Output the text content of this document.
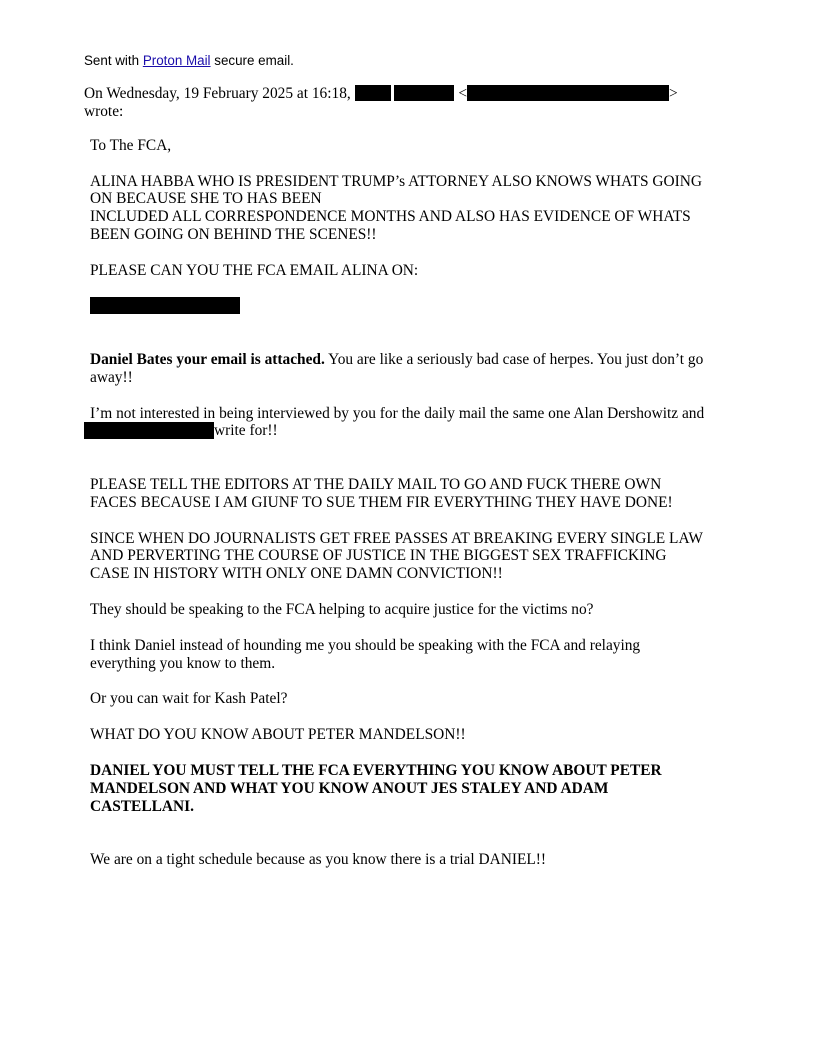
Sent with Proton Mail secure email.
On Wednesday, 19 February 2025 at 16:18,	<	>
wrote:
To The FCA,
ALINA HABBA WHO IS PRESIDENT TRUMP’s ATTORNEY ALSO KNOWS WHATS GOING
ON BECAUSE SHE TO HAS BEEN
INCLUDED ALL CORRESPONDENCE MONTHS AND ALSO HAS EVIDENCE OF WHATS
BEEN GOING ON BEHIND THE SCENES!!
PLEASE CAN YOU THE FCA EMAIL ALINA ON:
Daniel Bates your email is attached. You are like a seriously bad case of herpes. You just don’t go
away!!
I’m not interested in being interviewed by you for the daily mail the same one Alan Dershowitz and
write for!!
PLEASE TELL THE EDITORS AT THE DAILY MAIL TO GO AND FUCK THERE OWN
FACES BECAUSE I AM GIUNF TO SUE THEM FIR EVERYTHING THEY HAVE DONE!
SINCE WHEN DO JOURNALISTS GET FREE PASSES AT BREAKING EVERY SINGLE LAW
AND PERVERTING THE COURSE OF JUSTICE IN THE BIGGEST SEX TRAFFICKING
CASE IN HISTORY WITH ONLY ONE DAMN CONVICTION!!
They should be speaking to the FCA helping to acquire justice for the victims no?
I think Daniel instead of hounding me you should be speaking with the FCA and relaying
everything you know to them.
Or you can wait for Kash Patel?
WHAT DO YOU KNOW ABOUT PETER MANDELSON!!
DANIEL YOU MUST TELL THE FCA EVERYTHING YOU KNOW ABOUT PETER
MANDELSON AND WHAT YOU KNOW ANOUT JES STALEY AND ADAM
CASTELLANI.
We are on a tight schedule because as you know there is a trial DANIEL!!
